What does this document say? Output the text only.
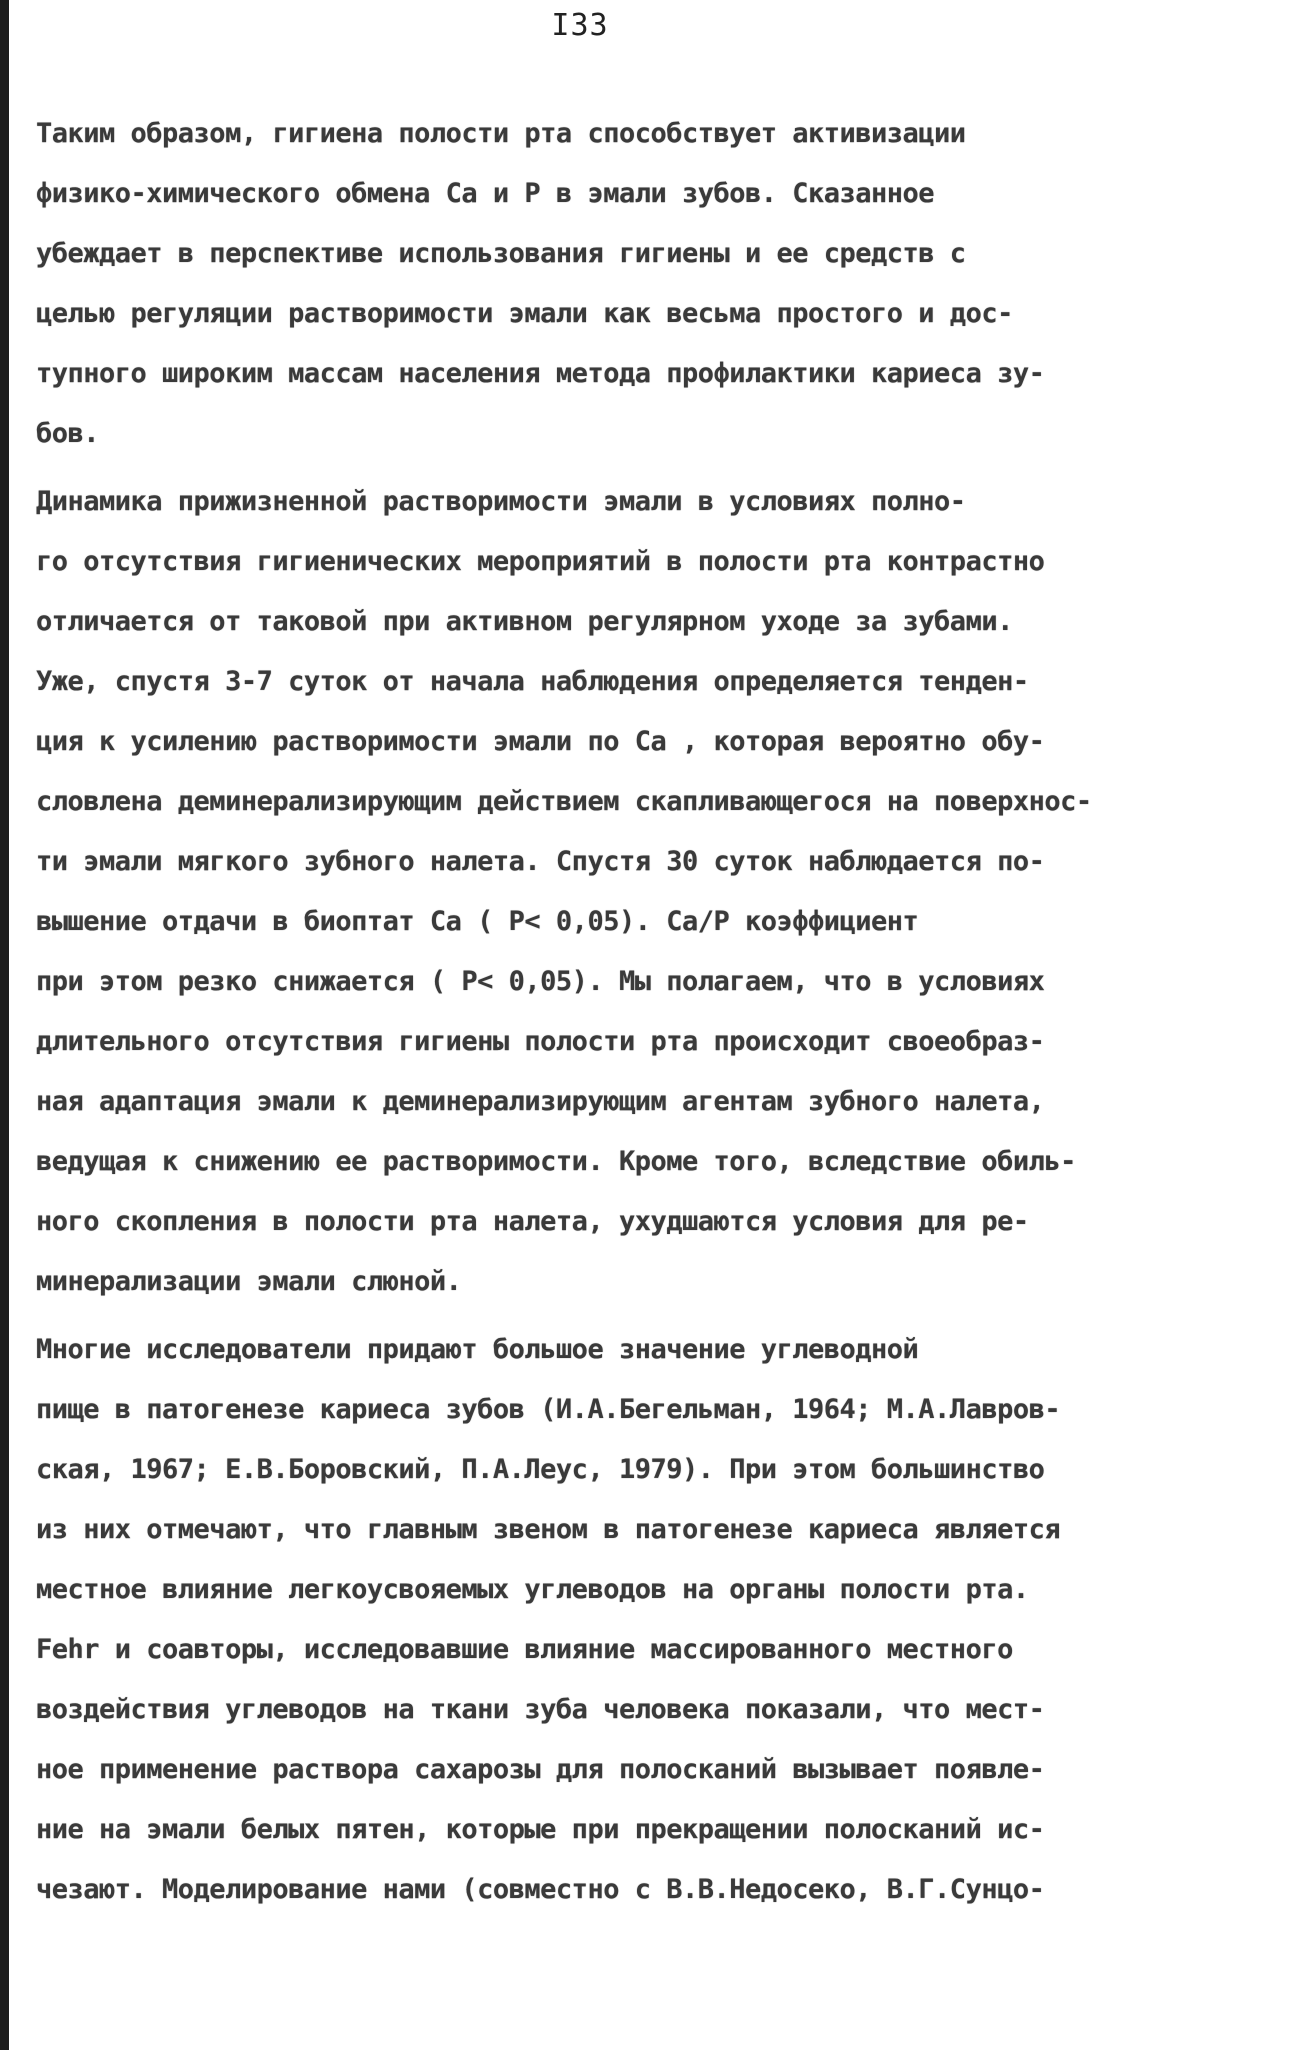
I33
Таким образом, гигиена полости рта способствует активизации
физико-химического обмена Ca и P в эмали зубов. Сказанное
убеждает в перспективе использования гигиены и ее средств с
целью регуляции растворимости эмали как весьма простого и дос-
тупного широким массам населения метода профилактики кариеса зу-
бов.
Динамика прижизненной растворимости эмали в условиях полно-
го отсутствия гигиенических мероприятий в полости рта контрастно
отличается от таковой при активном регулярном уходе за зубами.
Уже, спустя 3-7 суток от начала наблюдения определяется тенден-
ция к усилению растворимости эмали по Ca , которая вероятно обу-
словлена деминерализирующим действием скапливающегося на поверхнос-
ти эмали мягкого зубного налета. Спустя 30 суток наблюдается по-
вышение отдачи в биоптат Ca ( P< 0,05). Ca/P коэффициент
при этом резко снижается ( P< 0,05). Мы полагаем, что в условиях
длительного отсутствия гигиены полости рта происходит своеобраз-
ная адаптация эмали к деминерализирующим агентам зубного налета,
ведущая к снижению ее растворимости. Кроме того, вследствие обиль-
ного скопления в полости рта налета, ухудшаются условия для ре-
минерализации эмали слюной.
Многие исследователи придают большое значение углеводной
пище в патогенезе кариеса зубов (И.А.Бегельман, 1964; М.А.Лавров-
ская, 1967; Е.В.Боровский, П.А.Леус, 1979). При этом большинство
из них отмечают, что главным звеном в патогенезе кариеса является
местное влияние легкоусвояемых углеводов на органы полости рта.
Fehr и соавторы, исследовавшие влияние массированного местного
воздействия углеводов на ткани зуба человека показали, что мест-
ное применение раствора сахарозы для полосканий вызывает появле-
ние на эмали белых пятен, которые при прекращении полосканий ис-
чезают. Моделирование нами (совместно с В.В.Недосеко, В.Г.Сунцо-
